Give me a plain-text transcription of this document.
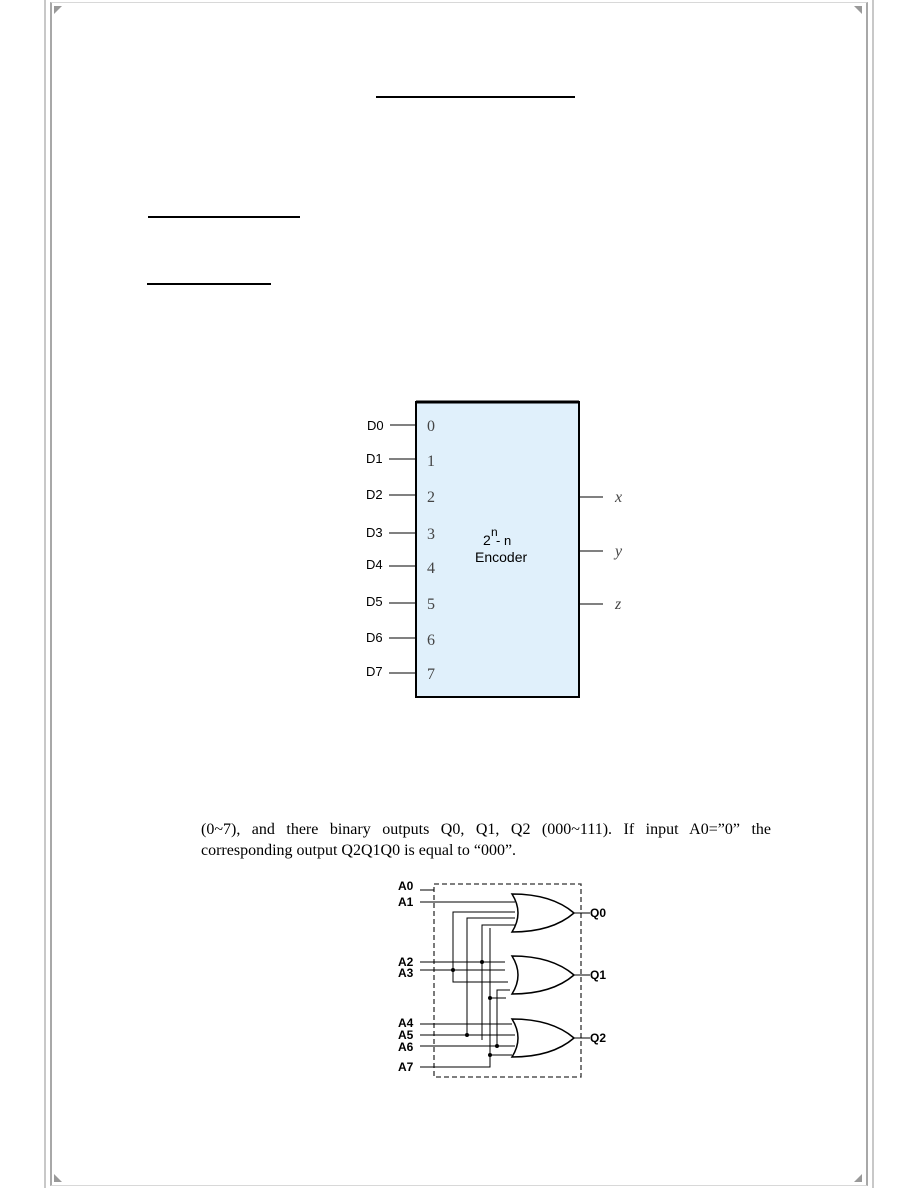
D0
D1
D2
D3
D4
D5
D6
D7
0
1
2
3
4
5
6
7
2 n
- n
Encoder
x
y
z
(0~7), and there binary outputs Q0, Q1, Q2 (000~111). If input A0=”0” the
corresponding output Q2Q1Q0 is equal to “000”.
A0
A1
A2
A3
A4
A5
A6
A7
Q0
Q1
Q2
